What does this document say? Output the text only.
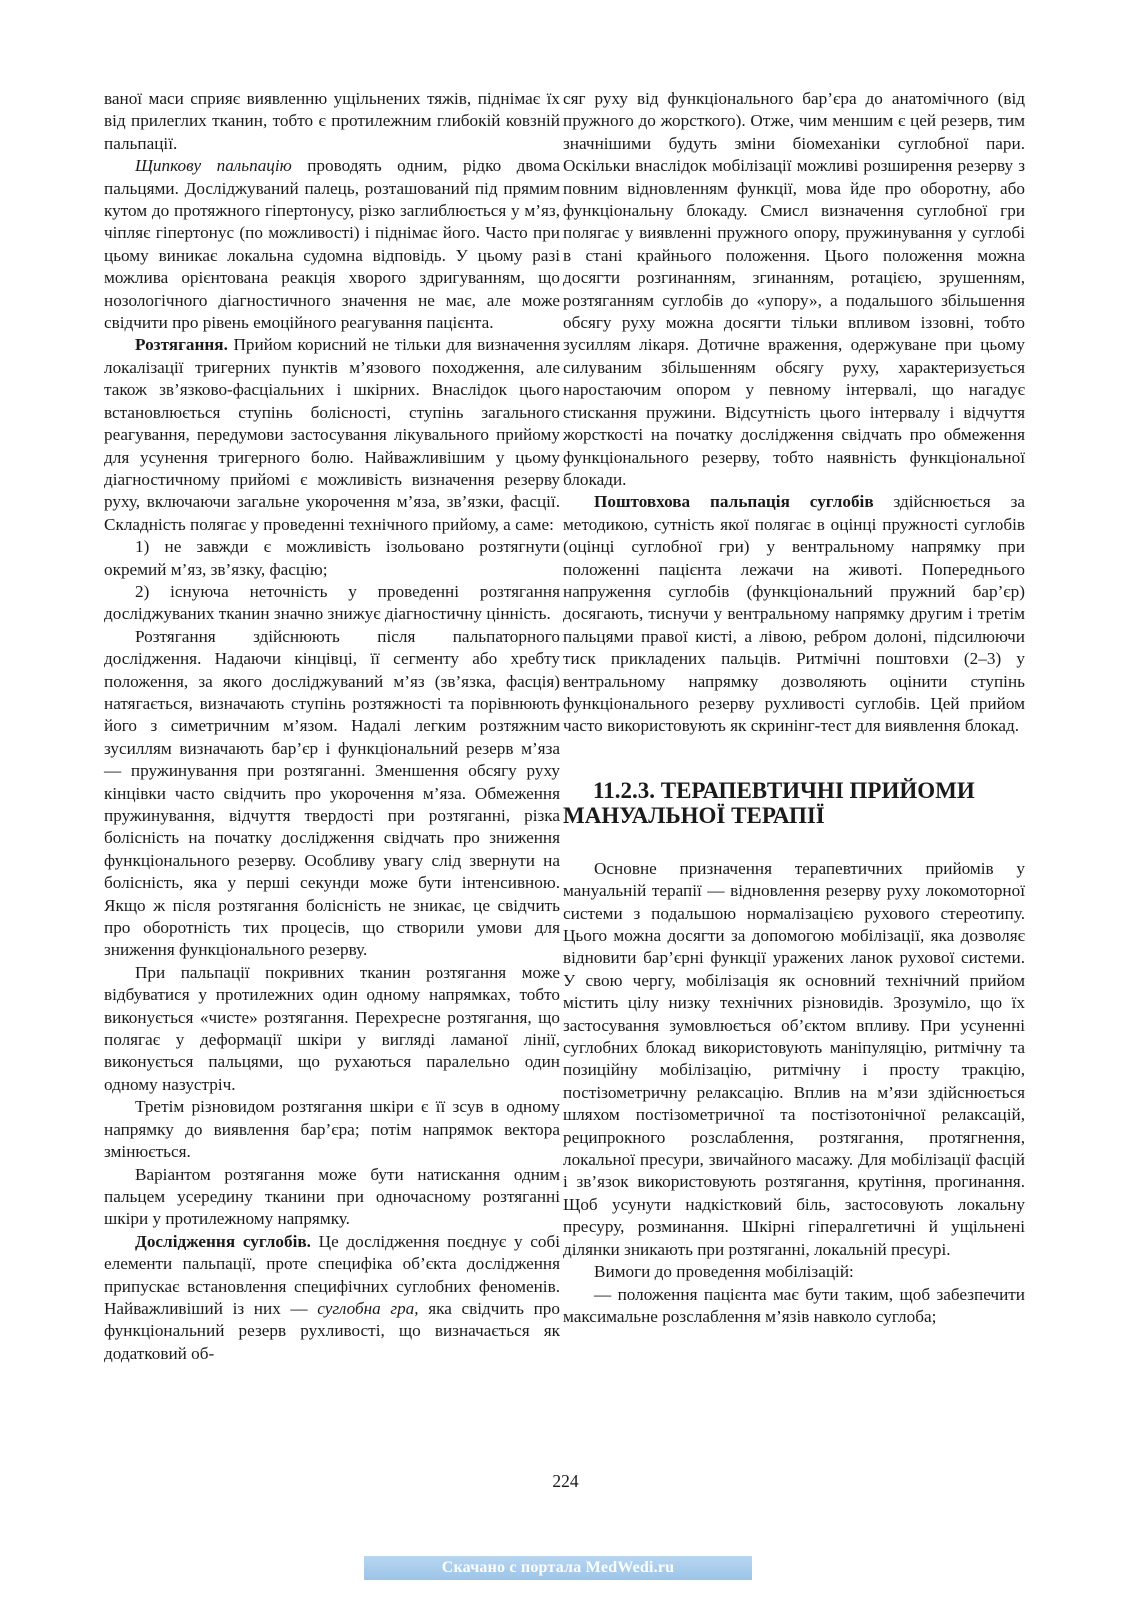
ваної маси сприяє виявленню ущільнених тяжів, піднімає їх від прилеглих тканин, тобто є протилежним глибокій ковзній пальпації.

Щипкову пальпацію проводять одним, рідко двома пальцями. Досліджуваний палець, розташований під прямим кутом до протяжного гіпертонусу, різко заглиблюється у м’яз, чіпляє гіпертонус (по можливості) і піднімає його. Часто при цьому виникає локальна судомна відповідь. У цьому разі можлива орієнтована реакція хворого здригуванням, що нозологічного діагностичного значення не має, але може свідчити про рівень емоційного реагування пацієнта.

Розтягання. Прийом корисний не тільки для визначення локалізації тригерних пунктів м’язового походження, але також зв’язково-фасціальних і шкірних. Внаслідок цього встановлюється ступінь болісності, ступінь загального реагування, передумови застосування лікувального прийому для усунення тригерного болю. Найважливішим у цьому діагностичному прийомі є можливість визначення резерву руху, включаючи загальне укорочення м’яза, зв’язки, фасції. Складність полягає у проведенні технічного прийому, а саме:

1) не завжди є можливість ізольовано розтягнути окремий м’яз, зв’язку, фасцію;

2) існуюча неточність у проведенні розтягання досліджуваних тканин значно знижує діагностичну цінність.

Розтягання здійснюють після пальпаторного дослідження. Надаючи кінцівці, її сегменту або хребту положення, за якого досліджуваний м’яз (зв’язка, фасція) натягається, визначають ступінь розтяжності та порівнюють його з симетричним м’язом. Надалі легким розтяжним зусиллям визначають бар’єр і функціональний резерв м’яза — пружинування при розтяганні. Зменшення обсягу руху кінцівки часто свідчить про укорочення м’яза. Обмеження пружинування, відчуття твердості при розтяганні, різка болісність на початку дослідження свідчать про зниження функціонального резерву. Особливу увагу слід звернути на болісність, яка у перші секунди може бути інтенсивною. Якщо ж після розтягання болісність не зникає, це свідчить про оборотність тих процесів, що створили умови для зниження функціонального резерву.

При пальпації покривних тканин розтягання може відбуватися у протилежних один одному напрямках, тобто виконується «чисте» розтягання. Перехресне розтягання, що полягає у деформації шкіри у вигляді ламаної лінії, виконується пальцями, що рухаються паралельно один одному назустріч.

Третім різновидом розтягання шкіри є її зсув в одному напрямку до виявлення бар’єра; потім напрямок вектора змінюється.

Варіантом розтягання може бути натискання одним пальцем усередину тканини при одночасному розтяганні шкіри у протилежному напрямку.

Дослідження суглобів. Це дослідження поєднує у собі елементи пальпації, проте специфіка об’єкта дослідження припускає встановлення специфічних суглобних феноменів. Найважливіший із них — суглобна гра, яка свідчить про функціональний резерв рухливості, що визначається як додатковий об-

сяг руху від функціонального бар’єра до анатомічного (від пружного до жорсткого). Отже, чим меншим є цей резерв, тим значнішими будуть зміни біомеханіки суглобної пари. Оскільки внаслідок мобілізації можливі розширення резерву з повним відновленням функції, мова йде про оборотну, або функціональну блокаду. Смисл визначення суглобної гри полягає у виявленні пружного опору, пружинування у суглобі в стані крайнього положення. Цього положення можна досягти розгинанням, згинанням, ротацією, зрушенням, розтяганням суглобів до «упору», а подальшого збільшення обсягу руху можна досягти тільки впливом іззовні, тобто зусиллям лікаря. Дотичне враження, одержуване при цьому силуваним збільшенням обсягу руху, характеризується наростаючим опором у певному інтервалі, що нагадує стискання пружини. Відсутність цього інтервалу і відчуття жорсткості на початку дослідження свідчать про обмеження функціонального резерву, тобто наявність функціональної блокади.

Поштовхова пальпація суглобів здійснюється за методикою, сутність якої полягає в оцінці пружності суглобів (оцінці суглобної гри) у вентральному напрямку при положенні пацієнта лежачи на животі. Попереднього напруження суглобів (функціональний пружний бар’єр) досягають, тиснучи у вентральному напрямку другим і третім пальцями правої кисті, а лівою, ребром долоні, підсилюючи тиск прикладених пальців. Ритмічні поштовхи (2–3) у вентральному напрямку дозволяють оцінити ступінь функціонального резерву рухливості суглобів. Цей прийом часто використовують як скринінг-тест для виявлення блокад.

11.2.3. ТЕРАПЕВТИЧНІ ПРИЙОМИ МАНУАЛЬНОЇ ТЕРАПІЇ

Основне призначення терапевтичних прийомів у мануальній терапії — відновлення резерву руху локомоторної системи з подальшою нормалізацією рухового стереотипу. Цього можна досягти за допомогою мобілізації, яка дозволяє відновити бар’єрні функції уражених ланок рухової системи. У свою чергу, мобілізація як основний технічний прийом містить цілу низку технічних різновидів. Зрозуміло, що їх застосування зумовлюється об’єктом впливу. При усуненні суглобних блокад використовують маніпуляцію, ритмічну та позиційну мобілізацію, ритмічну і просту тракцію, постізометричну релаксацію. Вплив на м’язи здійснюється шляхом постізометричної та постізотонічної релаксацій, реципрокного розслаблення, розтягання, протягнення, локальної пресури, звичайного масажу. Для мобілізації фасцій і зв’язок використовують розтягання, крутіння, прогинання. Щоб усунути надкістковий біль, застосовують локальну пресуру, розминання. Шкірні гіпералгетичні й ущільнені ділянки зникають при розтяганні, локальній пресурі.

Вимоги до проведення мобілізацій:

— положення пацієнта має бути таким, щоб забезпечити максимальне розслаблення м’язів навколо суглоба;

224
Скачано с портала MedWedi.ru
